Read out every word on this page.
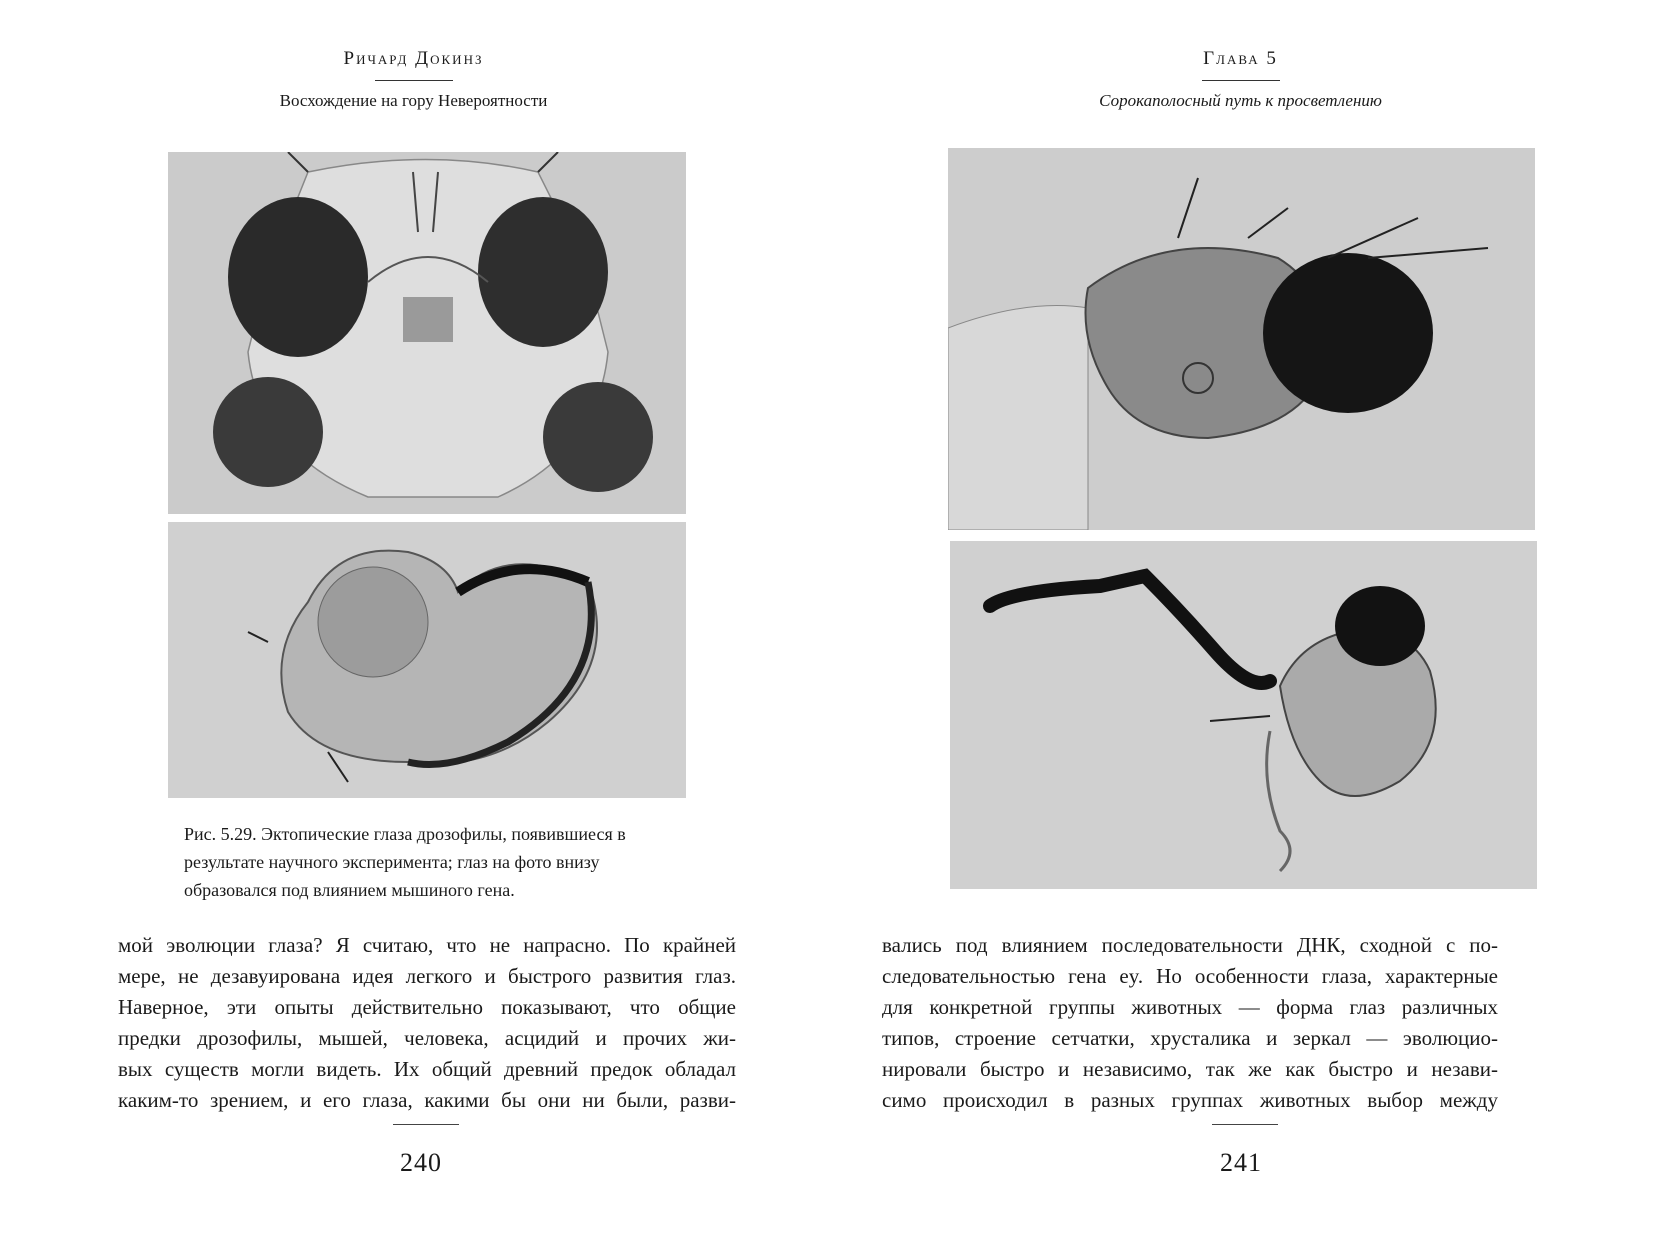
Ричард Докинз
Восхождение на гору Невероятности
Рис. 5.29. Эктопические глаза дрозофилы, появившиеся в результате научного эксперимента; глаз на фото внизу образовался под влиянием мышиного гена.
мой эволюции глаза? Я считаю, что не напрасно. По крайней
мере, не дезавуирована идея легкого и быстрого развития глаз.
Наверное, эти опыты действительно показывают, что общие
предки дрозофилы, мышей, человека, асцидий и прочих жи-
вых существ могли видеть. Их общий древний предок обладал
каким-то зрением, и его глаза, какими бы они ни были, разви-
240
Глава 5
Сорокаполосный путь к просветлению
вались под влиянием последовательности ДНК, сходной с по-
следовательностью гена ey. Но особенности глаза, характерные
для конкретной группы животных — форма глаз различных
типов, строение сетчатки, хрусталика и зеркал — эволюцио-
нировали быстро и независимо, так же как быстро и незави-
симо происходил в разных группах животных выбор между
241
